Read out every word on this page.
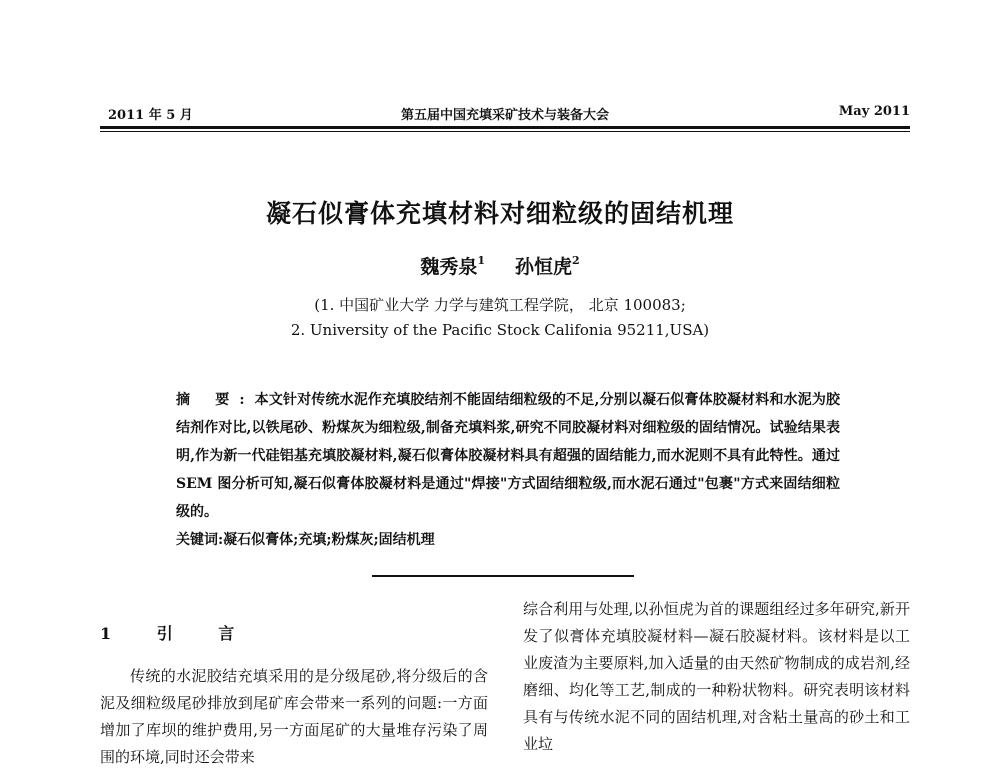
2011 年 5 月	第五届中国充填采矿技术与装备大会	May 2011
凝石似膏体充填材料对细粒级的固结机理
魏秀泉$^1$ 孙恒虎$^2$
(1. 中国矿业大学 力学与建筑工程学院， 北京 100083;
2. University of the Pacific Stock Califonia 95211,USA)

摘 要:本文针对传统水泥作充填胶结剂不能固结细粒级的不足,分别以凝石似膏体胶凝材料和水泥为胶结剂作对比,以铁尾砂、粉煤灰为细粒级,制备充填料浆,研究不同胶凝材料对细粒级的固结情况。试验结果表明,作为新一代硅铝基充填胶凝材料,凝石似膏体胶凝材料具有超强的固结能力,而水泥则不具有此特性。通过 SEM 图分析可知,凝石似膏体胶凝材料是通过"焊接"方式固结细粒级,而水泥石通过"包裹"方式来固结细粒级的。

关键词:凝石似膏体;充填;粉煤灰;固结机理

1 引 言

传统的水泥胶结充填采用的是分级尾砂,将分级后的含泥及细粒级尾砂排放到尾矿库会带来一系列的问题:一方面增加了库坝的维护费用,另一方面尾矿的大量堆存污染了周围的环境,同时还会带来

综合利用与处理,以孙恒虎为首的课题组经过多年研究,新开发了似膏体充填胶凝材料—凝石胶凝材料。该材料是以工业废渣为主要原料,加入适量的由天然矿物制成的成岩剂,经磨细、均化等工艺,制成的一种粉状物料。研究表明该材料具有与传统水泥不同的固结机理,对含粘土量高的砂土和工业垃
